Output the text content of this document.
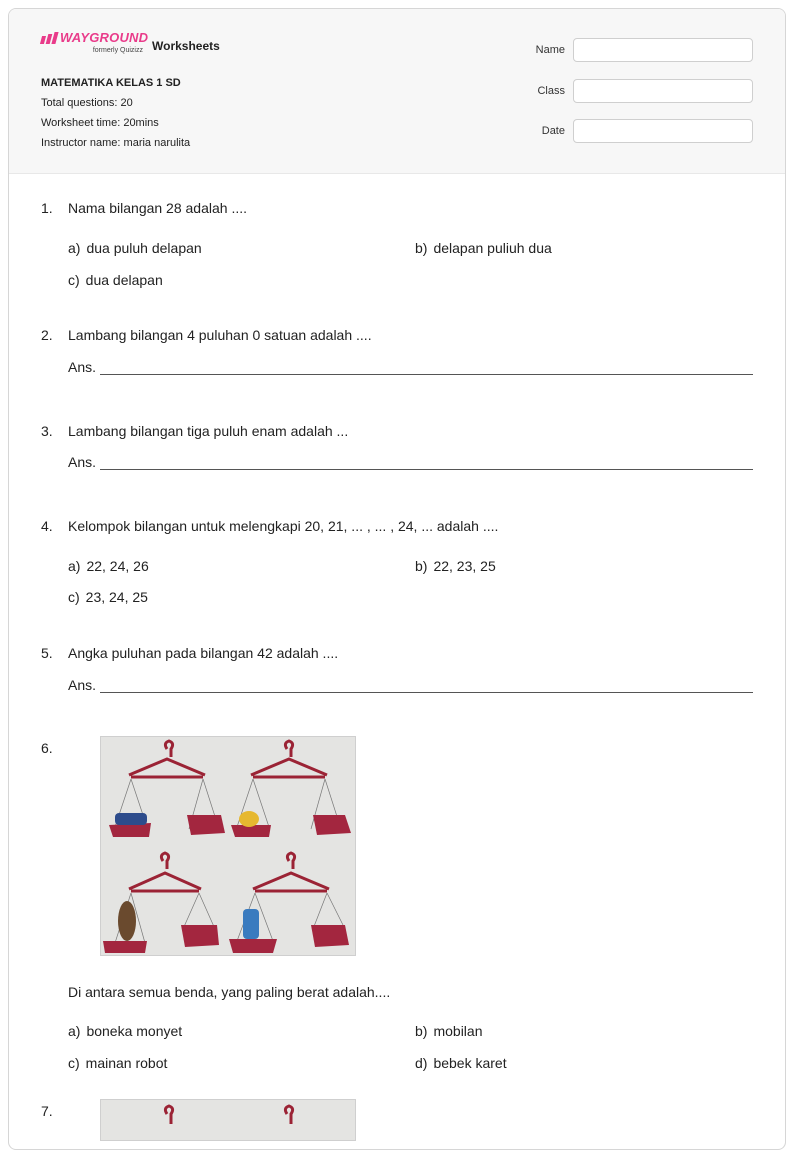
WAYGROUND
formerly Quizizz Worksheets
MATEMATIKA KELAS 1 SD
Total questions: 20
Worksheet time: 20mins
Instructor name: maria narulita
Name
Class
Date
1. Nama bilangan 28 adalah ....
a) dua puluh delapan	b) delapan puliuh dua
c) dua delapan
2. Lambang bilangan 4 puluhan 0 satuan adalah ....
Ans.
3. Lambang bilangan tiga puluh enam adalah ...
Ans.
4. Kelompok bilangan untuk melengkapi 20, 21, ... , ... , 24, ... adalah ....
a) 22, 24, 26	b) 22, 23, 25
c) 23, 24, 25
5. Angka puluhan pada bilangan 42 adalah ....
Ans.
6.
Di antara semua benda, yang paling berat adalah....
a) boneka monyet	b) mobilan
c) mainan robot	d) bebek karet
7.
